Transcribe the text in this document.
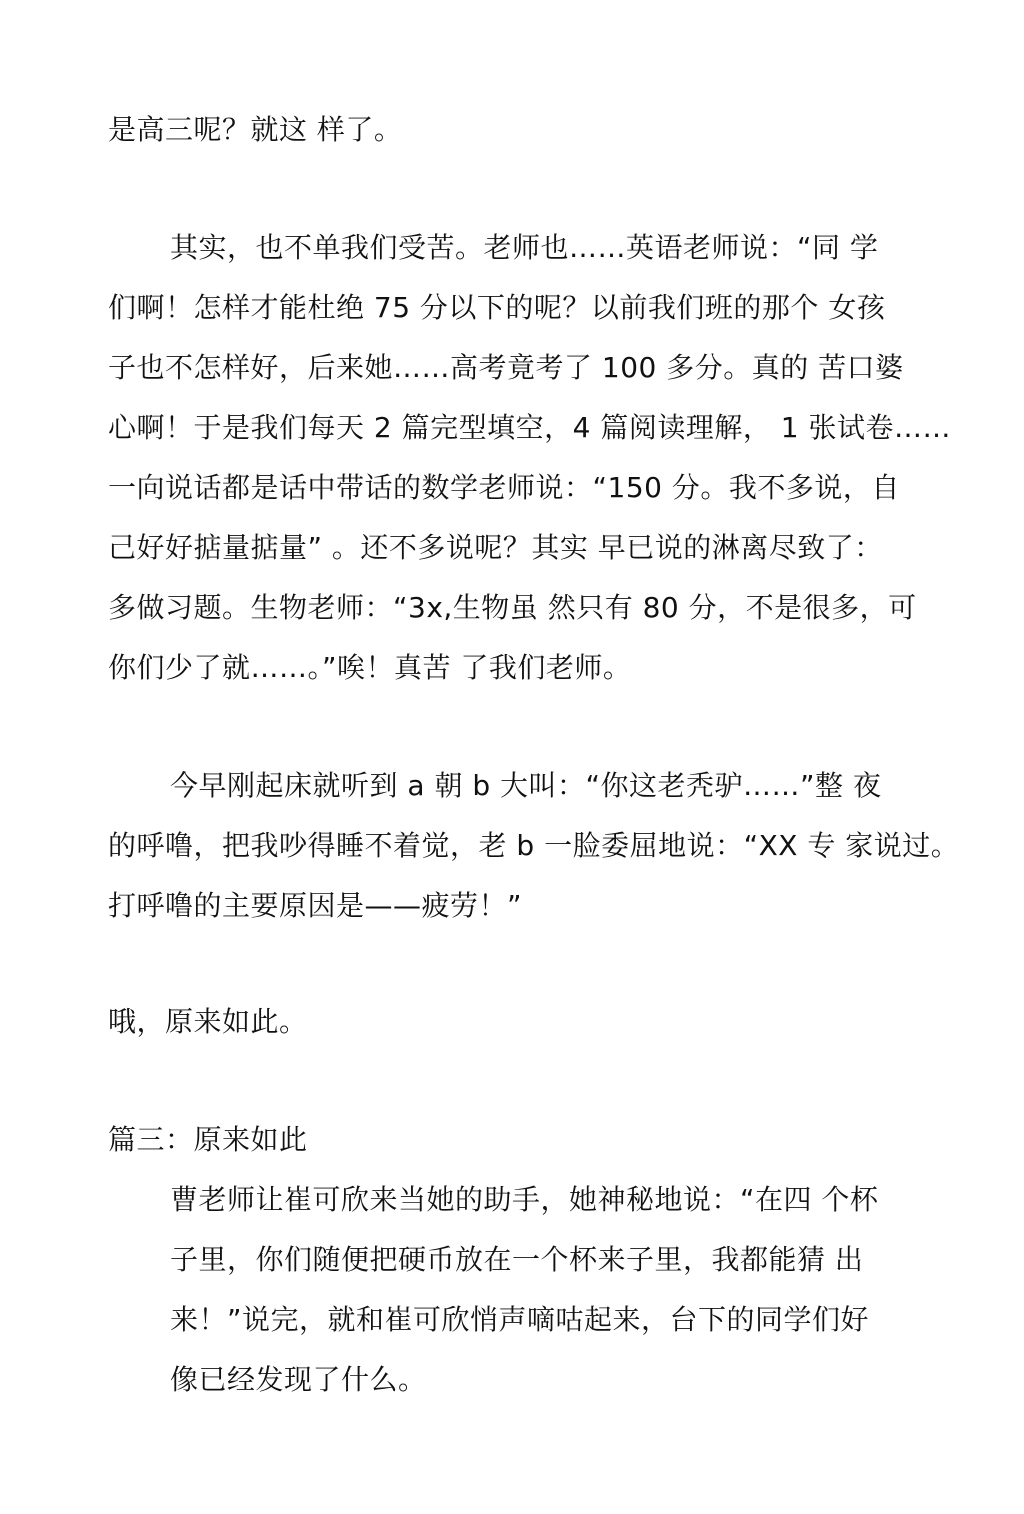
是高三呢？就这 样了。
其实，也不单我们受苦。老师也……英语老师说：“同 学
们啊！怎样才能杜绝 75 分以下的呢？以前我们班的那个 女孩
子也不怎样好，后来她……高考竟考了 100 多分。真的 苦口婆
心啊！于是我们每天 2 篇完型填空，4 篇阅读理解， 1 张试卷……
一向说话都是话中带话的数学老师说：“150 分。我不多说，自
己好好掂量掂量” 。还不多说呢？其实 早已说的淋离尽致了：
多做习题。生物老师：“3x,生物虽 然只有 80 分，不是很多，可
你们少了就……。”唉！真苦 了我们老师。
今早刚起床就听到 a 朝 b 大叫：“你这老秃驴……”整 夜
的呼噜，把我吵得睡不着觉，老 b 一脸委屈地说：“XX 专 家说过。
打呼噜的主要原因是——疲劳！”
哦，原来如此。
篇三：原来如此
曹老师让崔可欣来当她的助手，她神秘地说：“在四 个杯
子里，你们随便把硬币放在一个杯来子里，我都能猜 出
来！”说完，就和崔可欣悄声嘀咕起来，台下的同学们好
像已经发现了什么。
